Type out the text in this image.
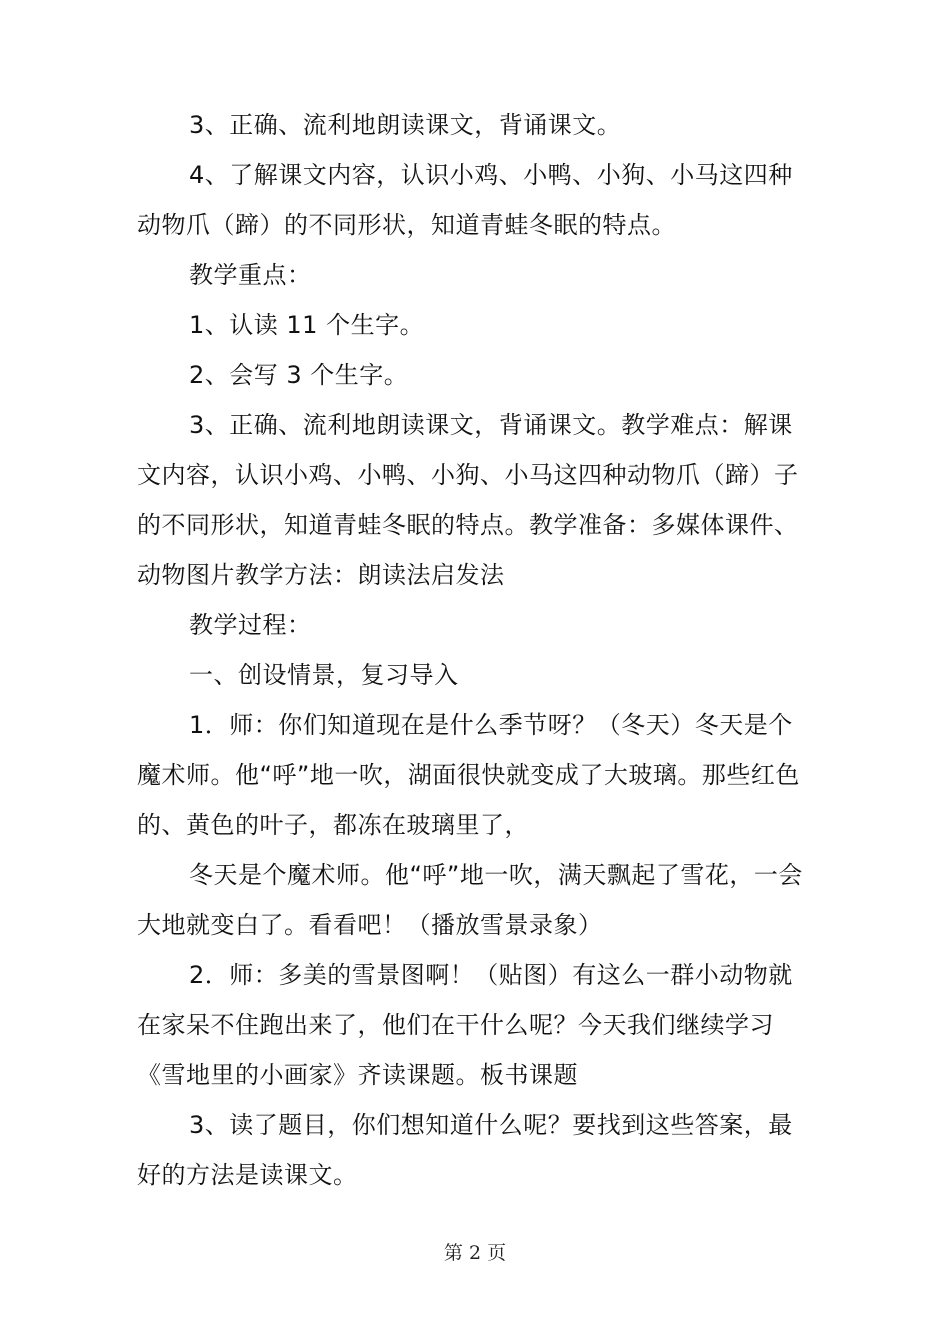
3、正确、流利地朗读课文，背诵课文。

4、了解课文内容，认识小鸡、小鸭、小狗、小马这四种动物爪（蹄）的不同形状，知道青蛙冬眠的特点。

教学重点：

1、认读 11 个生字。

2、会写 3 个生字。

3、正确、流利地朗读课文，背诵课文。教学难点：解课文内容，认识小鸡、小鸭、小狗、小马这四种动物爪（蹄）子的不同形状，知道青蛙冬眠的特点。教学准备：多媒体课件、动物图片教学方法：朗读法启发法

教学过程：

一、创设情景，复习导入

1．师：你们知道现在是什么季节呀？（冬天）冬天是个魔术师。他“呼”地一吹，湖面很快就变成了大玻璃。那些红色的、黄色的叶子，都冻在玻璃里了，

冬天是个魔术师。他“呼”地一吹，满天飘起了雪花，一会大地就变白了。看看吧！（播放雪景录象）

2．师：多美的雪景图啊！（贴图）有这么一群小动物就在家呆不住跑出来了，他们在干什么呢？今天我们继续学习《雪地里的小画家》齐读课题。板书课题

3、读了题目，你们想知道什么呢？要找到这些答案，最好的方法是读课文。

第 2 页
